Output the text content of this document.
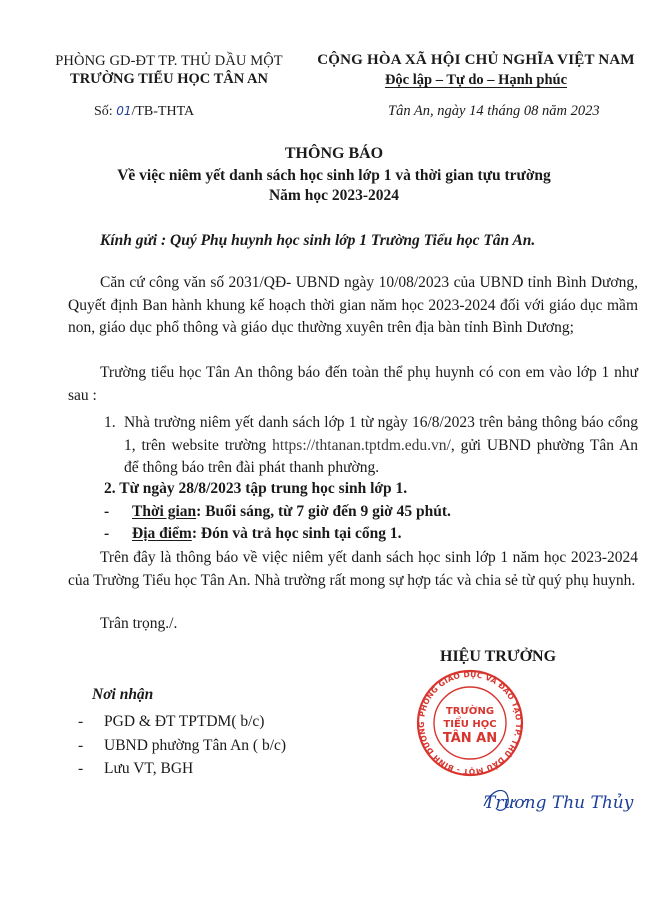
PHÒNG GD-ĐT TP. THỦ DẦU MỘT
TRƯỜNG TIỂU HỌC TÂN AN
CỘNG HÒA XÃ HỘI CHỦ NGHĨA VIỆT NAM
Độc lập – Tự do – Hạnh phúc
Số: 01/TB-THTA	Tân An, ngày 14 tháng 08 năm 2023
THÔNG BÁO
Về việc niêm yết danh sách học sinh lớp 1 và thời gian tựu trường
Năm học 2023-2024
Kính gửi : Quý Phụ huynh học sinh lớp 1 Trường Tiểu học Tân An.
Căn cứ công văn số 2031/QĐ- UBND ngày 10/08/2023 của UBND tỉnh Bình Dương, Quyết định Ban hành khung kế hoạch thời gian năm học 2023-2024 đối với giáo dục mầm non, giáo dục phổ thông và giáo dục thường xuyên trên địa bàn tỉnh Bình Dương;
Trường tiểu học Tân An thông báo đến toàn thể phụ huynh có con em vào lớp 1 như sau :
1. Nhà trường niêm yết danh sách lớp 1 từ ngày 16/8/2023 trên bảng thông báo cổng 1, trên website trường https://thtanan.tptdm.edu.vn/, gửi UBND phường Tân An để thông báo trên đài phát thanh phường.
2. Từ ngày 28/8/2023 tập trung học sinh lớp 1.
- Thời gian: Buổi sáng, từ 7 giờ đến 9 giờ 45 phút.
- Địa điểm: Đón và trả học sinh tại cổng 1.
Trên đây là thông báo về việc niêm yết danh sách học sinh lớp 1 năm học 2023-2024 của Trường Tiểu học Tân An. Nhà trường rất mong sự hợp tác và chia sẻ từ quý phụ huynh.
Trân trọng./.
HIỆU TRƯỞNG
Nơi nhận
- PGD & ĐT TPTDM( b/c)
- UBND phường Tân An ( b/c)
- Lưu VT, BGH
PHÒNG GIÁO DỤC VÀ ĐÀO TẠO TP. THỦ DẦU MỘT - BÌNH DƯƠNG
TRƯỜNG
TIỂU HỌC
TÂN AN
Trương Thu Thủy
